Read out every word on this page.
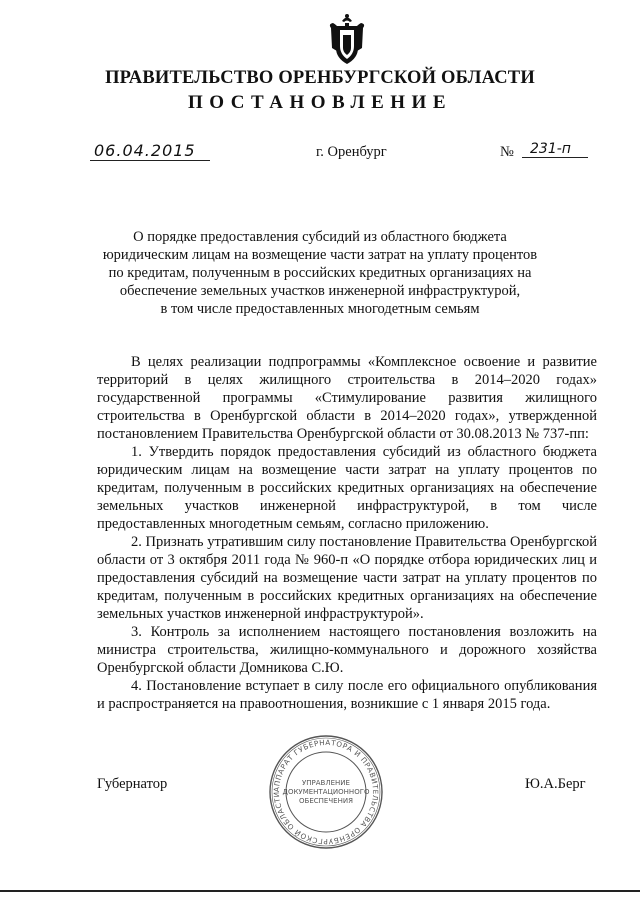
ПРАВИТЕЛЬСТВО ОРЕНБУРГСКОЙ ОБЛАСТИ
ПОСТАНОВЛЕНИЕ
06.04.2015	г. Оренбург	№	231-п
О порядке предоставления субсидий из областного бюджета
юридическим лицам на возмещение части затрат на уплату процентов
по кредитам, полученным в российских кредитных организациях на
обеспечение земельных участков инженерной инфраструктурой,
в том числе предоставленных многодетным семьям

В целях реализации подпрограммы «Комплексное освоение и развитие территорий в целях жилищного строительства в 2014–2020 годах» государственной программы «Стимулирование развития жилищного строительства в Оренбургской области в 2014–2020 годах», утвержденной постановлением Правительства Оренбургской области от 30.08.2013 № 737-пп:

1. Утвердить порядок предоставления субсидий из областного бюджета юридическим лицам на возмещение части затрат на уплату процентов по кредитам, полученным в российских кредитных организациях на обеспечение земельных участков инженерной инфраструктурой, в том числе предоставленных многодетным семьям, согласно приложению.

2. Признать утратившим силу постановление Правительства Оренбургской области от 3 октября 2011 года № 960-п «О порядке отбора юридических лиц и предоставления субсидий на возмещение части затрат на уплату процентов по кредитам, полученным в российских кредитных организациях на обеспечение земельных участков инженерной инфраструктурой».

3. Контроль за исполнением настоящего постановления возложить на министра строительства, жилищно-коммунального и дорожного хозяйства Оренбургской области Домникова С.Ю.

4. Постановление вступает в силу после его официального опубликования и распространяется на правоотношения, возникшие с 1 января 2015 года.

Губернатор	Ю.А.Берг
АППАРАТ ГУБЕРНАТОРА И ПРАВИТЕЛЬСТВА ОРЕНБУРГСКОЙ ОБЛАСТИ
УПРАВЛЕНИЕ
ДОКУМЕНТАЦИОННОГО
ОБЕСПЕЧЕНИЯ
